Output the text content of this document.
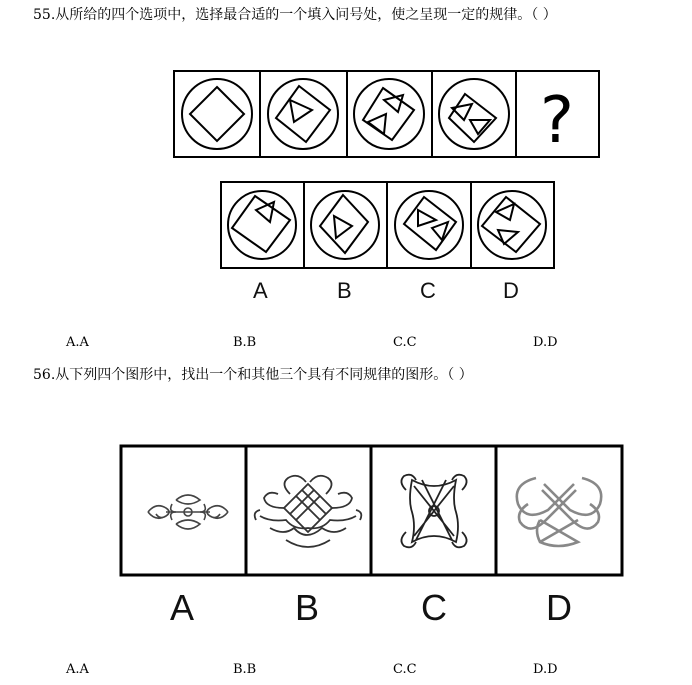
55.从所给的四个选项中，选择最合适的一个填入问号处，使之呈现一定的规律。（ ）
?
A	B	C	D
A.A	B.B	C.C	D.D
56.从下列四个图形中，找出一个和其他三个具有不同规律的图形。（ ）
A	B	C	D
A.A	B.B	C.C	D.D
